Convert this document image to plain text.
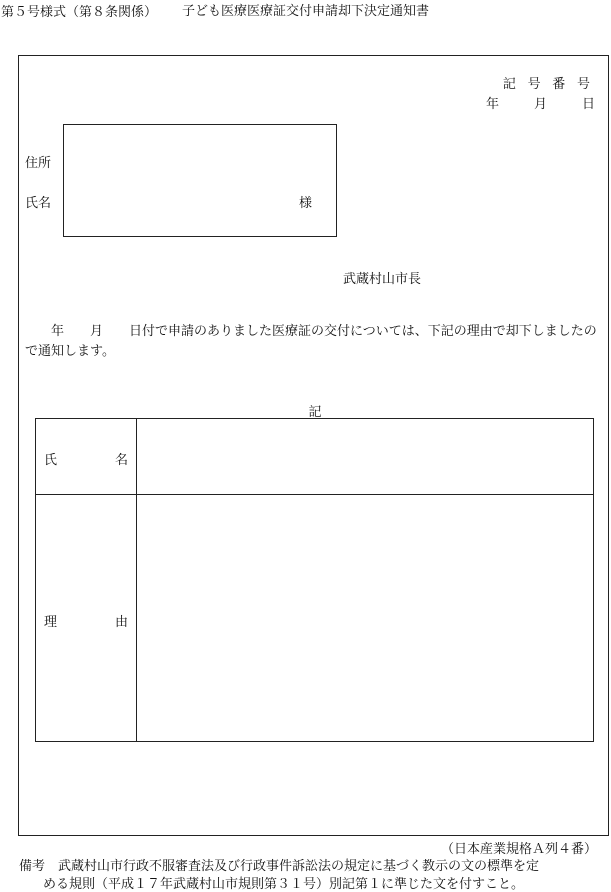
第５号様式（第８条関係）	子ども医療医療証交付申請却下決定通知書
記号番号
年	月	日
住所
氏名	様
武蔵村山市長
　　年　　月　　日付で申請のありました医療証の交付については、下記の理由で却下しましたので通知します。
記
氏	名
理	由
（日本産業規格Ａ列４番）
備考　武蔵村山市行政不服審査法及び行政事件訴訟法の規定に基づく教示の文の標準を定
める規則（平成１７年武蔵村山市規則第３１号）別記第１に準じた文を付すこと。
